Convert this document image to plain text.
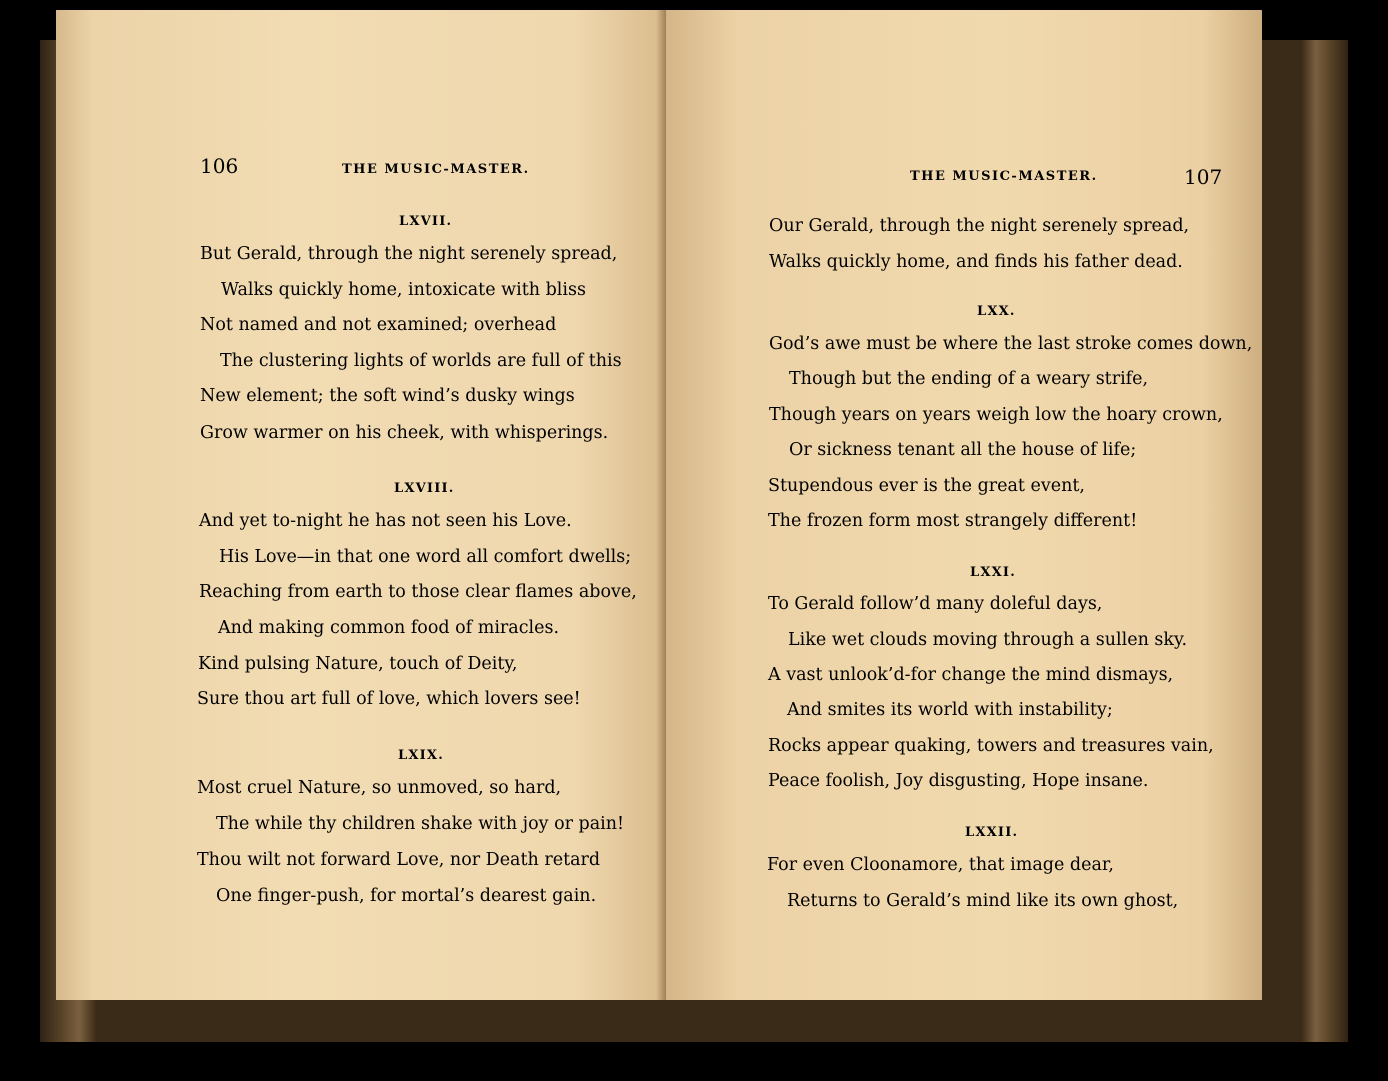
106	THE MUSIC-MASTER.
LXVII.
But Gerald, through the night serenely spread,
Walks quickly home, intoxicate with bliss
Not named and not examined; overhead
The clustering lights of worlds are full of this
New element; the soft wind’s dusky wings
Grow warmer on his cheek, with whisperings.
LXVIII.
And yet to-night he has not seen his Love.
His Love—in that one word all comfort dwells;
Reaching from earth to those clear flames above,
And making common food of miracles.
Kind pulsing Nature, touch of Deity,
Sure thou art full of love, which lovers see!
LXIX.
Most cruel Nature, so unmoved, so hard,
The while thy children shake with joy or pain!
Thou wilt not forward Love, nor Death retard
One finger-push, for mortal’s dearest gain.
THE MUSIC-MASTER.	107
Our Gerald, through the night serenely spread,
Walks quickly home, and finds his father dead.
LXX.
God’s awe must be where the last stroke comes down,
Though but the ending of a weary strife,
Though years on years weigh low the hoary crown,
Or sickness tenant all the house of life;
Stupendous ever is the great event,
The frozen form most strangely different!
LXXI.
To Gerald follow’d many doleful days,
Like wet clouds moving through a sullen sky.
A vast unlook’d-for change the mind dismays,
And smites its world with instability;
Rocks appear quaking, towers and treasures vain,
Peace foolish, Joy disgusting, Hope insane.
LXXII.
For even Cloonamore, that image dear,
Returns to Gerald’s mind like its own ghost,
